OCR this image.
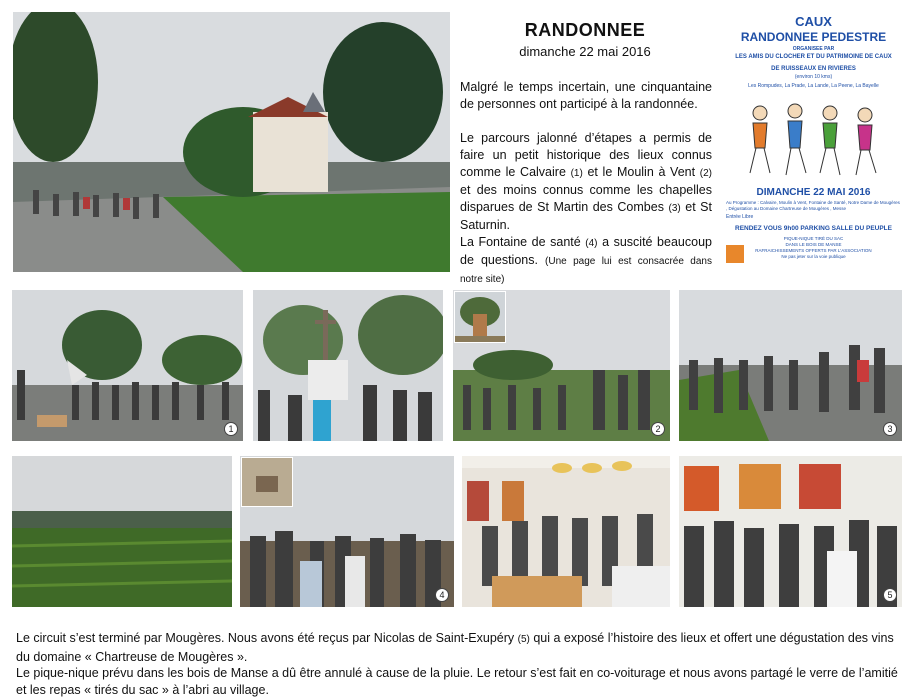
RANDONNEE
dimanche 22 mai 2016

Malgré le temps incertain, une cinquantaine de personnes ont participé à la randonnée.

Le parcours jalonné d’étapes a permis de faire un petit historique des lieux connus comme le Calvaire (1) et le Moulin à Vent (2) et des moins connus comme les chapelles disparues de St Martin des Combes (3) et St Saturnin.

La Fontaine de santé (4) a suscité beaucoup de questions. (Une page lui est consacrée dans notre site)

CAUX
RANDONNEE PEDESTRE
ORGANISEE PAR
LES AMIS DU CLOCHER ET DU PATRIMOINE DE CAUX
DE RUISSEAUX EN RIVIERES
(environ 10 kms)
Les Rompudes, La Prade, La Lande, La Peene, La Bayelle
DIMANCHE 22 MAI 2016
Au Programme : Calvaire, Moulin à Vent, Fontaine de Santé, Notre Dame de Mougères , Dégustation au Domaine Chartreuse de Mougères , Messe
Entrée Libre
RENDEZ VOUS 9h00 PARKING SALLE DU PEUPLE
PIQUE-NIQUE TIRÉ DU SAC
DANS LE BOIS DE MANSE
RAFRAICHISSEMENTS OFFERTS PAR L'ASSOCIATION
Ne pas jeter sur la voie publique
1	2	3
4	5

Le circuit s’est terminé par Mougères. Nous avons été reçus par Nicolas de Saint-Exupéry (5) qui a exposé l’histoire des lieux et offert une dégustation des vins du domaine « Chartreuse de Mougères ».

Le pique-nique prévu dans les bois de Manse a dû être annulé à cause de la pluie. Le retour s’est fait en co-voiturage et nous avons partagé le verre de l’amitié et les repas « tirés du sac » à l’abri au village.
